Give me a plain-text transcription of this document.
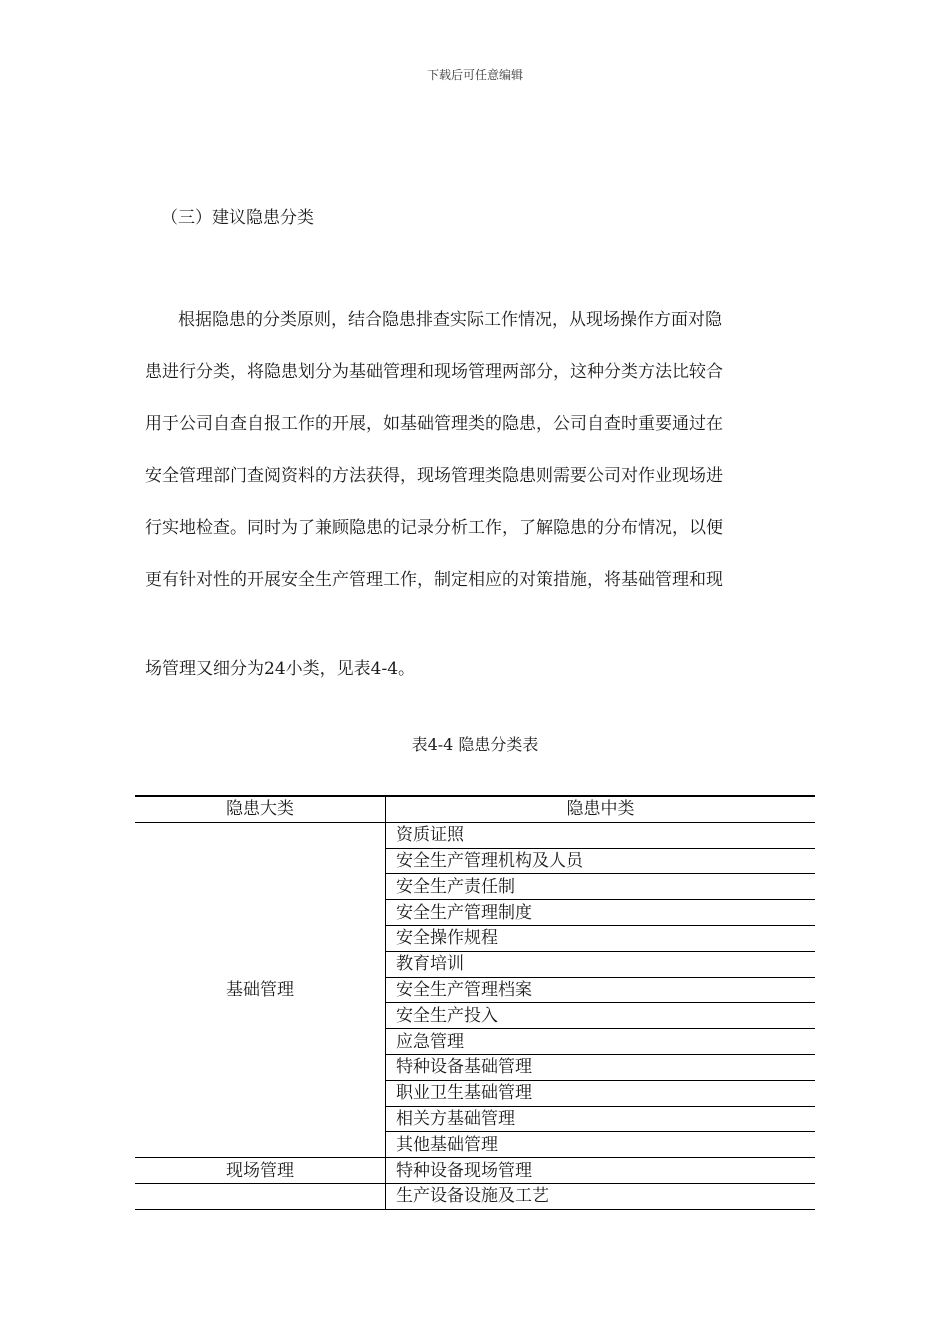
下载后可任意编辑
（三）建议隐患分类
根据隐患的分类原则，结合隐患排查实际工作情况，从现场操作方面对隐
患进行分类，将隐患划分为基础管理和现场管理两部分，这种分类方法比较合
用于公司自查自报工作的开展，如基础管理类的隐患，公司自查时重要通过在
安全管理部门查阅资料的方法获得，现场管理类隐患则需要公司对作业现场进
行实地检查。同时为了兼顾隐患的记录分析工作，了解隐患的分布情况，以便
更有针对性的开展安全生产管理工作，制定相应的对策措施，将基础管理和现
场管理又细分为24小类，见表4-4。
表4-4 隐患分类表
隐患大类	隐患中类
基础管理	资质证照
	安全生产管理机构及人员
	安全生产责任制
	安全生产管理制度
	安全操作规程
	教育培训
	安全生产管理档案
	安全生产投入
	应急管理
	特种设备基础管理
	职业卫生基础管理
	相关方基础管理
	其他基础管理
现场管理	特种设备现场管理
	生产设备设施及工艺
